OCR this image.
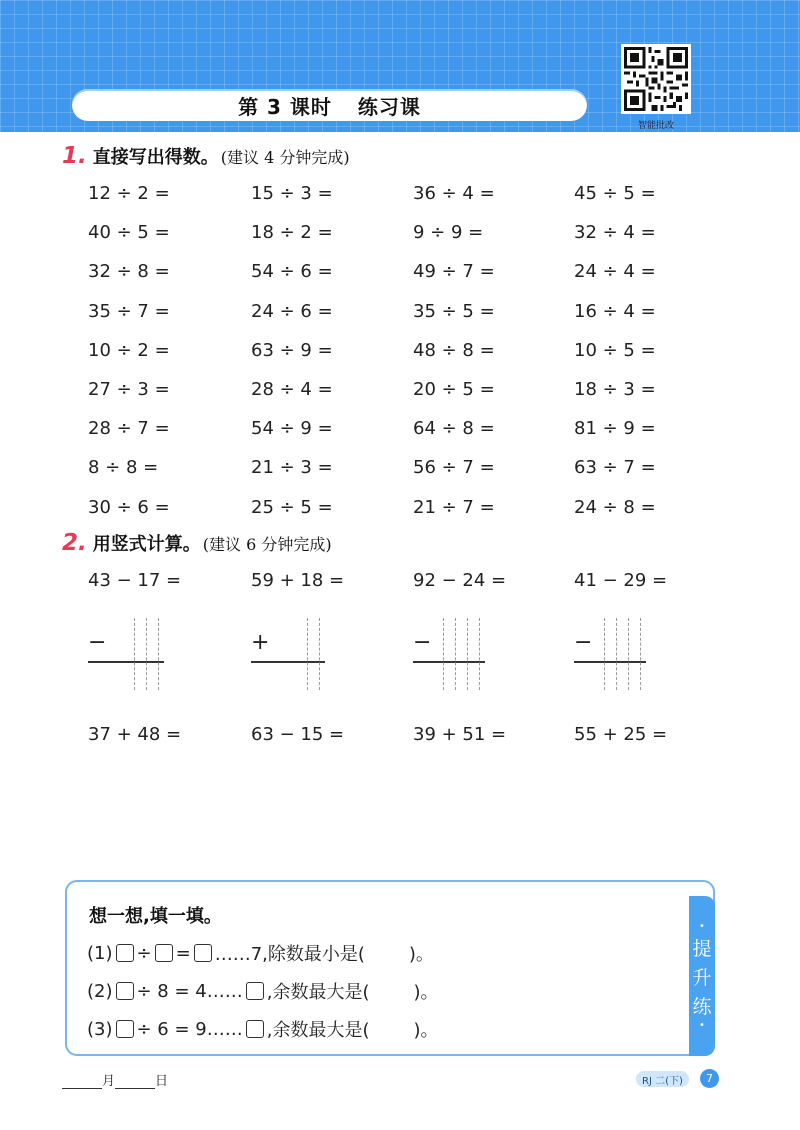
第 3 课时 练习课
智能批改
1. 直接写出得数。 (建议 4 分钟完成)
12 ÷ 2 =	15 ÷ 3 =	36 ÷ 4 =	45 ÷ 5 =
40 ÷ 5 =	18 ÷ 2 =	9 ÷ 9 =	32 ÷ 4 =
32 ÷ 8 =	54 ÷ 6 =	49 ÷ 7 =	24 ÷ 4 =
35 ÷ 7 =	24 ÷ 6 =	35 ÷ 5 =	16 ÷ 4 =
10 ÷ 2 =	63 ÷ 9 =	48 ÷ 8 =	10 ÷ 5 =
27 ÷ 3 =	28 ÷ 4 =	20 ÷ 5 =	18 ÷ 3 =
28 ÷ 7 =	54 ÷ 9 =	64 ÷ 8 =	81 ÷ 9 =
8 ÷ 8 =	21 ÷ 3 =	56 ÷ 7 =	63 ÷ 7 =
30 ÷ 6 =	25 ÷ 5 =	21 ÷ 7 =	24 ÷ 8 =
2. 用竖式计算。 (建议 6 分钟完成)
43 − 17 =	59 + 18 =	92 − 24 =	41 − 29 =
−	+	−	−
37 + 48 =	63 − 15 =	39 + 51 =	55 + 25 =
想一想,填一填。
(1) ÷ = ……7,除数最小是( )。
(2) ÷ 8 = 4…… ,余数最大是( )。
(3) ÷ 6 = 9…… ,余数最大是( )。
•
提
升
练
•
月	日	RJ 二(下)	7
